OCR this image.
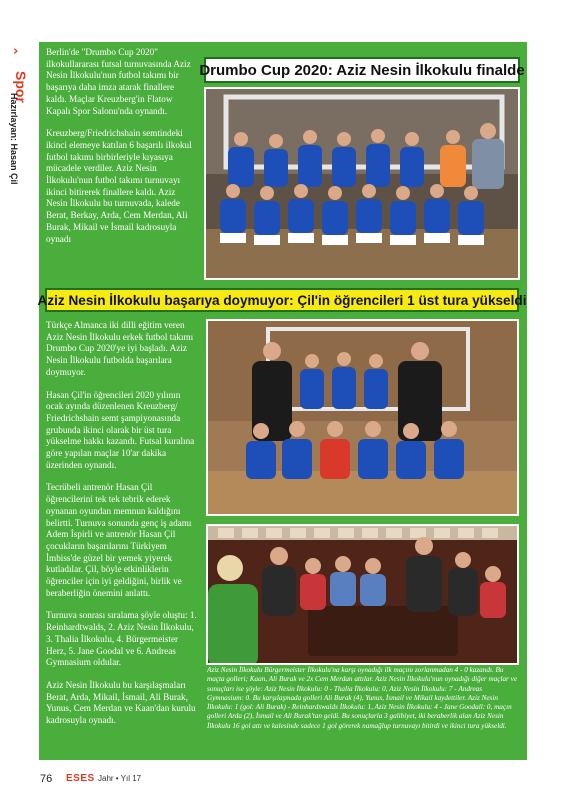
›
Spor
Hazırlayan: Hasan Çil

Berlin'de "Drumbo Cup 2020" ilkokullararası futsal turnuvasında Aziz Nesin İlkokulu'nun futbol takımı bir başarıya daha imza atarak finallere kaldı. Maçlar Kreuzberg'in Flatow Kapalı Spor Salonu'nda oynandı.

Kreuzberg/Friedrichshain semtindeki ikinci elemeye katılan 6 başarılı ilkokul futbol takımı birbirleriyle kıyasıya mücadele verdiler. Aziz Nesin İlkokulu'nun futbol takımı turnuvayı ikinci bitirerek finallere kaldı. Aziz Nesin İlkokulu bu turnuvada, kalede Berat, Berkay, Arda, Cem Merdan, Ali Burak, Mikail ve İsmail kadrosuyla oynadı

Drumbo Cup 2020: Aziz Nesin İlkokulu finalde
Aziz Nesin İlkokulu başarıya doymuyor: Çil'in öğrencileri 1 üst tura yükseldi

Türkçe Almanca iki dilli eğitim veren Aziz Nesin İlkokulu erkek futbol takımı Drumbo Cup 2020'ye iyi başladı. Aziz Nesin İlkokulu futbolda başarılara doymuyor.

Hasan Çil'in öğrencileri 2020 yılının ocak ayında düzenlenen Kreuzberg/ Friedrichshain semt şampiyonasında grubunda ikinci olarak bir üst tura yükselme hakkı kazandı. Futsal kuralına göre yapılan maçlar 10'ar dakika üzerinden oynandı.

Tecrübeli antrenör Hasan Çil öğrencilerini tek tek tebrik ederek oynanan oyundan memnun kaldığını belirtti. Turnuva sonunda genç iş adamı Adem İspirli ve antrenör Hasan Çil çocukların başarılarını Türkiyem İmbiss'de güzel bir yemek yiyerek kutladılar. Çil, böyle etkinliklerin öğrenciler için iyi geldiğini, birlik ve beraberliğin önemini anlattı.

Turnuva sonrası sıralama şöyle oluştu: 1. Reinhardtwalds, 2. Aziz Nesin İlkokulu, 3. Thalia İlkokulu, 4. Bürgermeister Herz, 5. Jane Goodal ve 6. Andreas Gymnasium oldular.

Aziz Nesin İlkokulu bu karşılaşmaları Berat, Arda, Mikail, İsmail, Ali Burak, Yunus, Cem Merdan ve Kaan'dan kurulu kadrosuyla oynadı.

Aziz Nesin İlkokulu Bürgermeister İlkokulu'na karşı oynadığı ilk maçını zorlanmadan 4 - 0 kazandı. Bu maçta golleri; Kaan, Ali Burak ve 2x Cem Merdan attılar. Aziz Nesin İlkokulu'nun oynadığı diğer maçlar ve sonuçları ise şöyle: Aziz Nesin İlkokulu: 0 - Thalia İlkokulu: 0, Aziz Nesin İlkokulu: 7 - Andreas Gymnasium: 0. Bu karşılaşmada golleri Ali Burak (4), Yunus, İsmail ve Mikail kaydettiler. Aziz Nesin İlkokulu: 1 (gol: Ali Burak) - Reinhardswalds İlkokulu: 1, Aziz Nesin İlkokulu: 4 - Jane Goodall: 0, maçın golleri Arda (2), İsmail ve Ali Burak'tan geldi. Bu sonuçlarla 3 galibiyet, iki beraberlik alan Aziz Nesin İlkokulu 16 gol attı ve kalesinde sadece 1 gol görerek namağlup turnuvayı bitirdi ve ikinci tura yükseldi.
76 ESES Jahr • Yıl 17
